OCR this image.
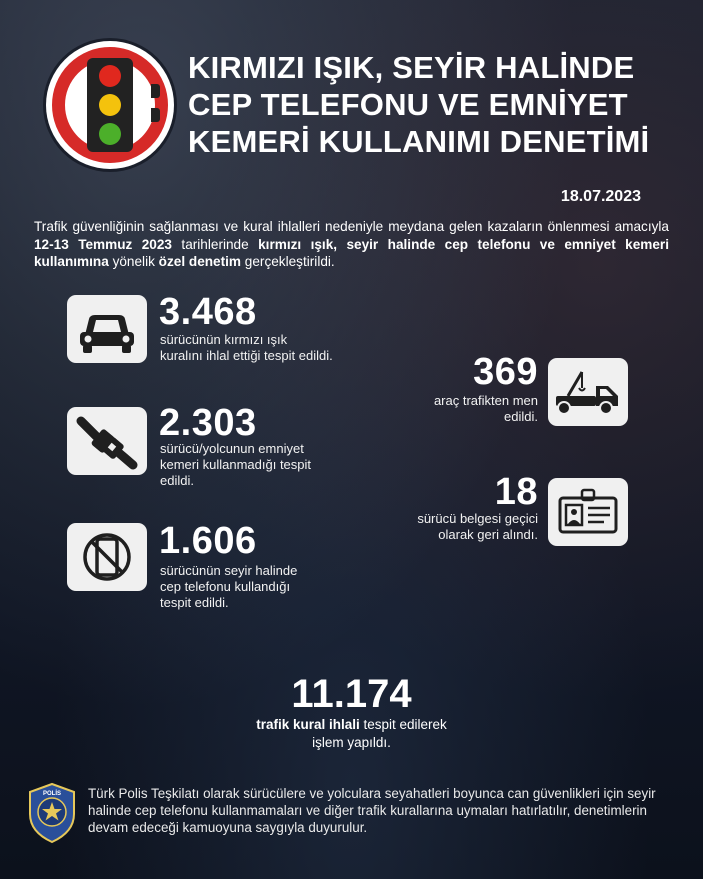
KIRMIZI IŞIK, SEYİR HALİNDE
CEP TELEFONU VE EMNİYET
KEMERİ KULLANIMI DENETİMİ
18.07.2023
Trafik güvenliğinin sağlanması ve kural ihlalleri nedeniyle meydana gelen kazaların önlenmesi amacıyla 12-13 Temmuz 2023 tarihlerinde kırmızı ışık, seyir halinde cep telefonu ve emniyet kemeri kullanımına yönelik özel denetim gerçekleştirildi.
3.468
sürücünün kırmızı ışık
kuralını ihlal ettiği tespit edildi.
2.303
sürücü/yolcunun emniyet
kemeri kullanmadığı tespit
edildi.
1.606
sürücünün seyir halinde
cep telefonu kullandığı
tespit edildi.
369
araç trafikten men
edildi.
18
sürücü belgesi geçici
olarak geri alındı.
11.174
trafik kural ihlali tespit edilerek
işlem yapıldı.
POLİS Türk Polis Teşkilatı olarak sürücülere ve yolculara seyahatleri boyunca can güvenlikleri için seyir halinde cep telefonu kullanmamaları ve diğer trafik kurallarına uymaları hatırlatılır, denetimlerin devam edeceği kamuoyuna saygıyla duyurulur.
